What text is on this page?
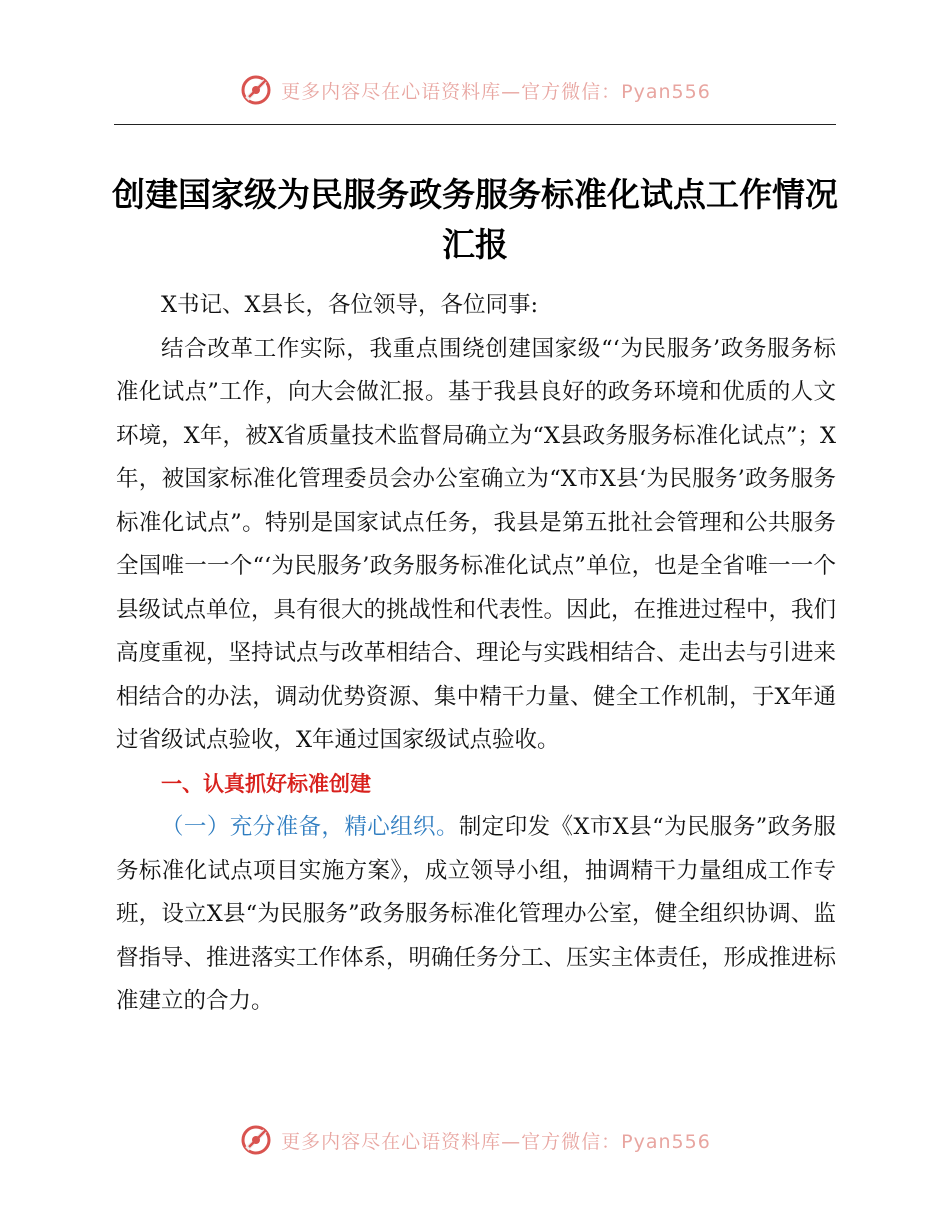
更多内容尽在心语资料库—官方微信：Pyan556
创建国家级为民服务政务服务标准化试点工作情况汇报

X书记、X县长，各位领导，各位同事:

结合改革工作实际，我重点围绕创建国家级“‘为民服务’政务服务标准化试点”工作，向大会做汇报。基于我县良好的政务环境和优质的人文环境，X年，被X省质量技术监督局确立为“X县政务服务标准化试点”；X年，被国家标准化管理委员会办公室确立为“X市X县‘为民服务’政务服务标准化试点”。特别是国家试点任务，我县是第五批社会管理和公共服务全国唯一一个“‘为民服务’政务服务标准化试点”单位，也是全省唯一一个县级试点单位，具有很大的挑战性和代表性。因此，在推进过程中，我们高度重视，坚持试点与改革相结合、理论与实践相结合、走出去与引进来相结合的办法，调动优势资源、集中精干力量、健全工作机制，于X年通过省级试点验收，X年通过国家级试点验收。

一、认真抓好标准创建

（一）充分准备，精心组织。制定印发《X市X县“为民服务”政务服务标准化试点项目实施方案》，成立领导小组，抽调精干力量组成工作专班，设立X县“为民服务”政务服务标准化管理办公室，健全组织协调、监督指导、推进落实工作体系，明确任务分工、压实主体责任，形成推进标准建立的合力。

更多内容尽在心语资料库—官方微信：Pyan556
